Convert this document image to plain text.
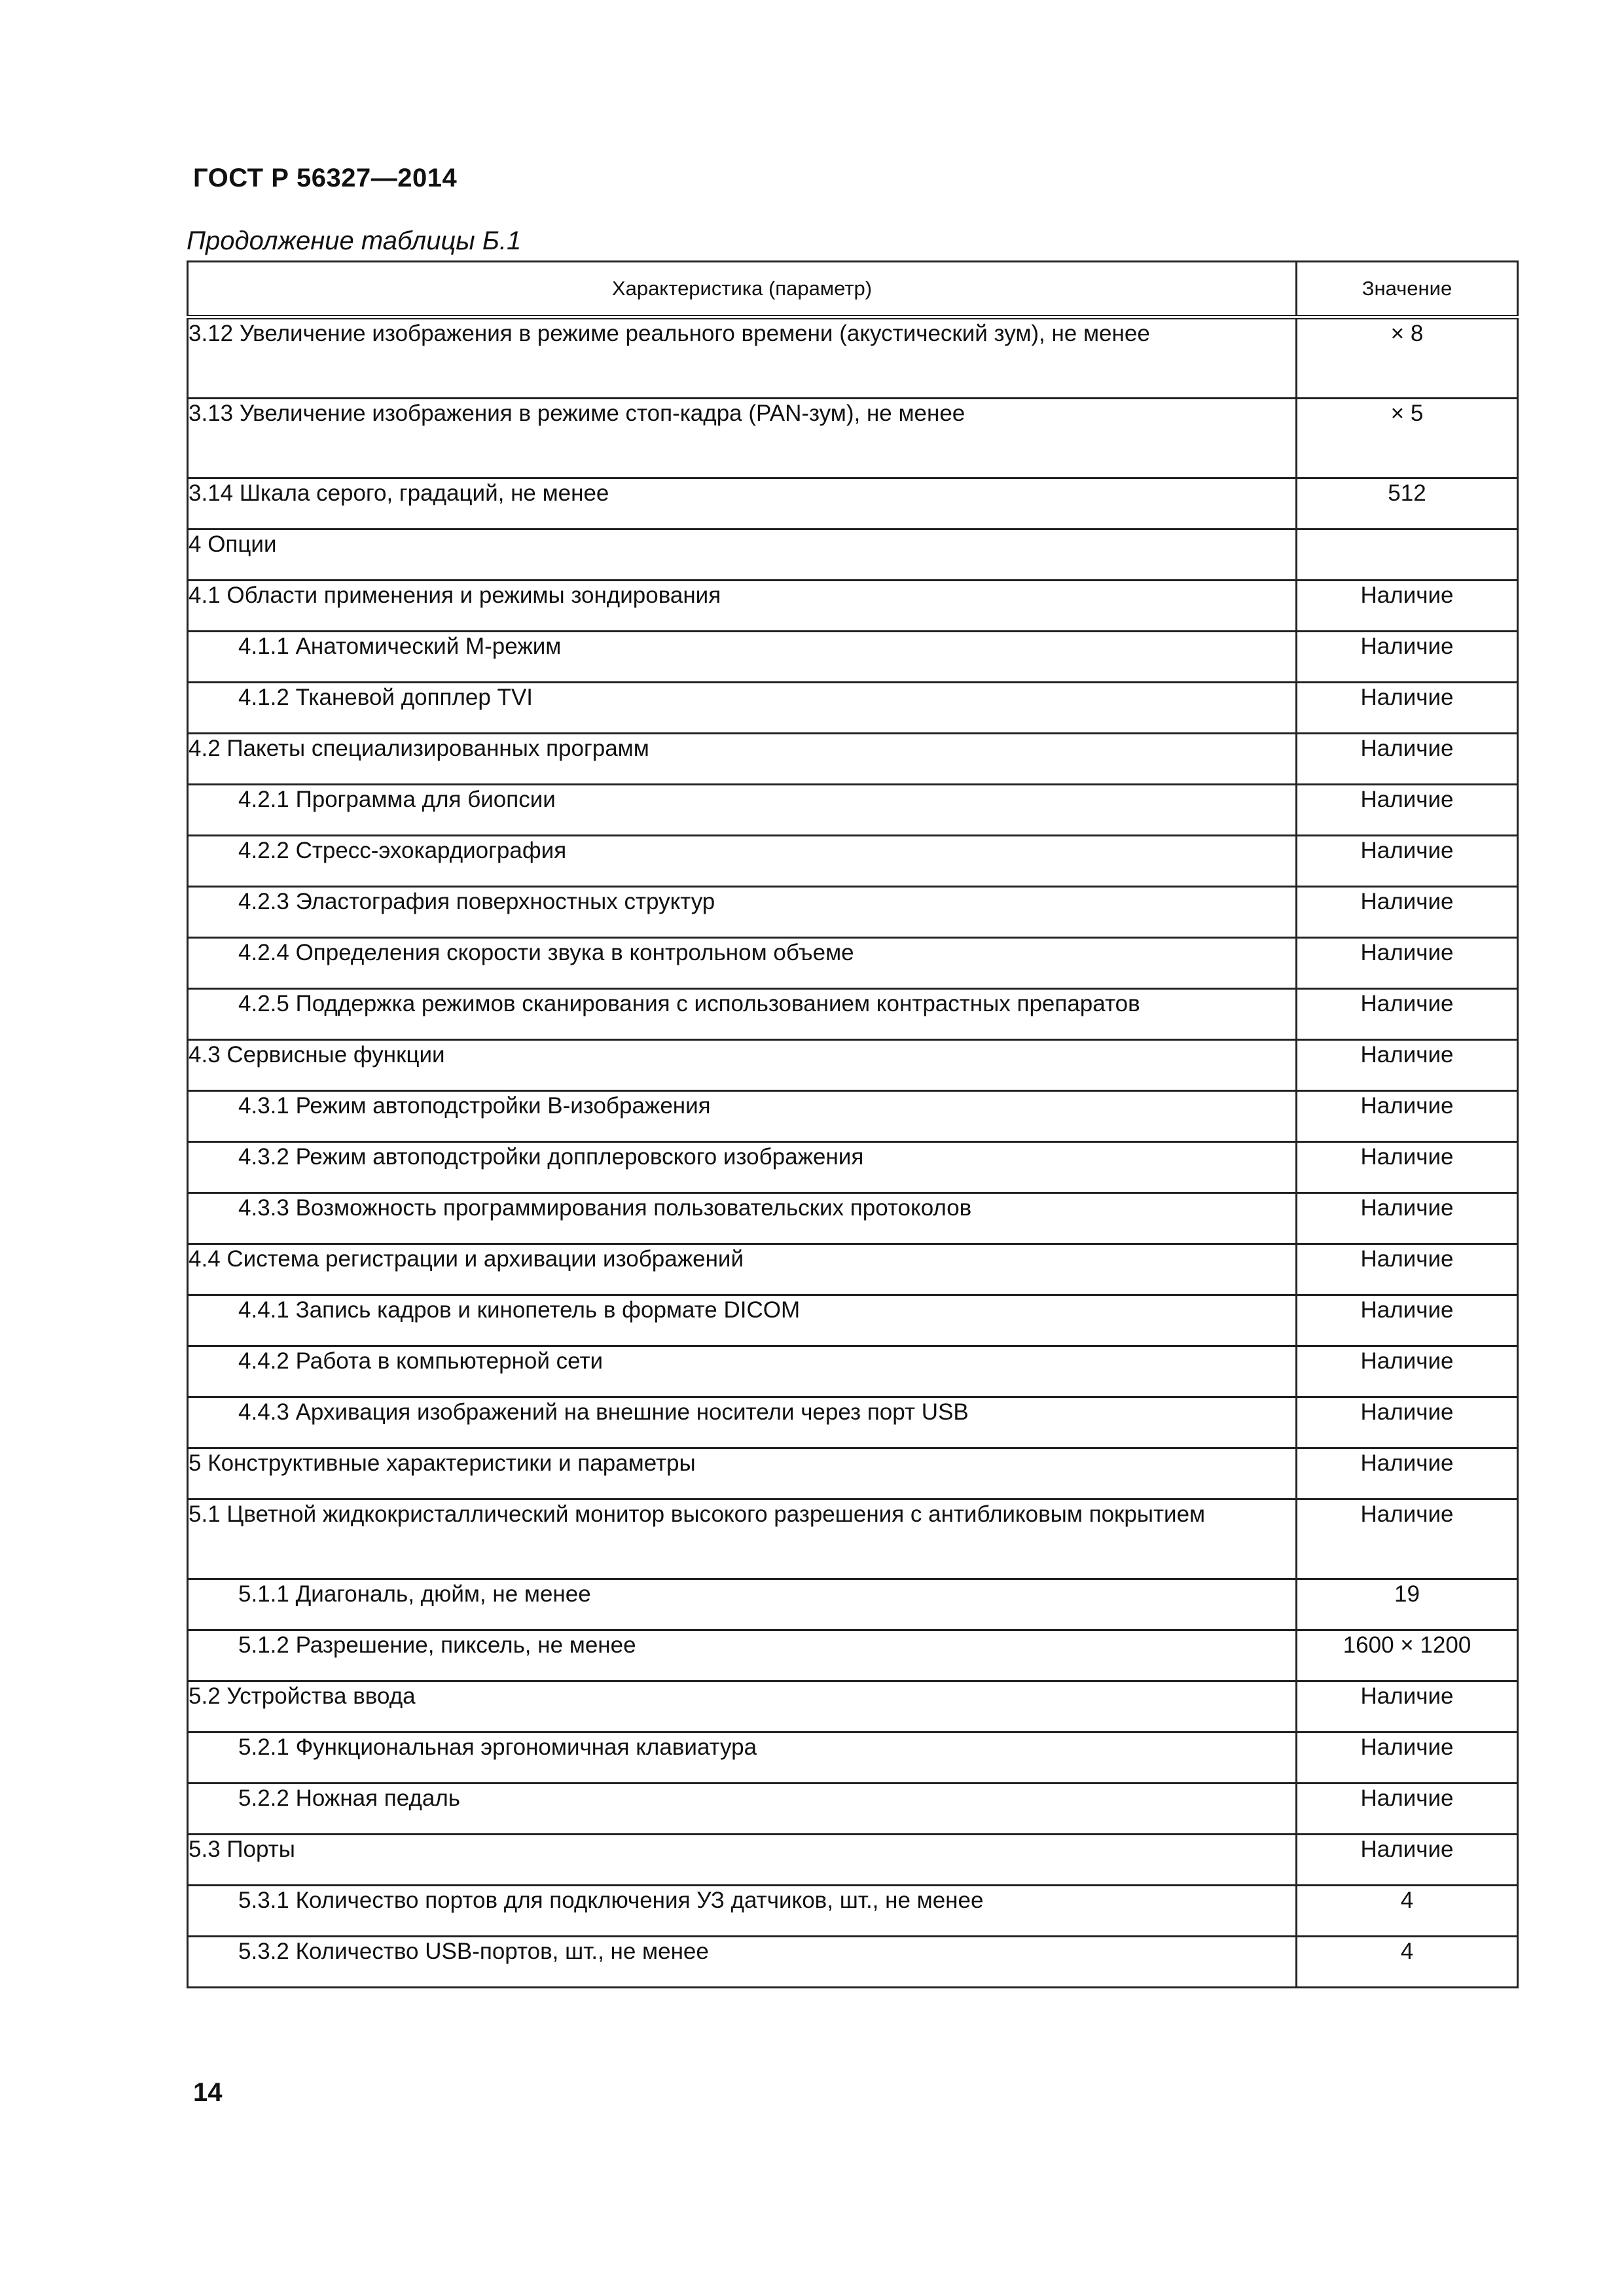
ГОСТ Р 56327—2014
Продолжение таблицы Б.1
Характеристика (параметр)	Значение
3.12 Увеличение изображения в режиме реального времени (акустический зум), не менее	× 8
3.13 Увеличение изображения в режиме стоп-кадра (PAN-зум), не менее	× 5
3.14 Шкала серого, градаций, не менее	512
4 Опции	
4.1 Области применения и режимы зондирования	Наличие
4.1.1 Анатомический М-режим	Наличие
4.1.2 Тканевой допплер TVI	Наличие
4.2 Пакеты специализированных программ	Наличие
4.2.1 Программа для биопсии	Наличие
4.2.2 Стресс-эхокардиография	Наличие
4.2.3 Эластография поверхностных структур	Наличие
4.2.4 Определения скорости звука в контрольном объеме	Наличие
4.2.5 Поддержка режимов сканирования с использованием контрастных препаратов	Наличие
4.3 Сервисные функции	Наличие
4.3.1 Режим автоподстройки В-изображения	Наличие
4.3.2 Режим автоподстройки допплеровского изображения	Наличие
4.3.3 Возможность программирования пользовательских протоколов	Наличие
4.4 Система регистрации и архивации изображений	Наличие
4.4.1 Запись кадров и кинопетель в формате DICOM	Наличие
4.4.2 Работа в компьютерной сети	Наличие
4.4.3 Архивация изображений на внешние носители через порт USB	Наличие
5 Конструктивные характеристики и параметры	Наличие
5.1 Цветной жидкокристаллический монитор высокого разрешения с антибликовым покрытием	Наличие
5.1.1 Диагональ, дюйм, не менее	19
5.1.2 Разрешение, пиксель, не менее	1600 × 1200
5.2 Устройства ввода	Наличие
5.2.1 Функциональная эргономичная клавиатура	Наличие
5.2.2 Ножная педаль	Наличие
5.3 Порты	Наличие
5.3.1 Количество портов для подключения УЗ датчиков, шт., не менее	4
5.3.2 Количество USB-портов, шт., не менее	4
14
